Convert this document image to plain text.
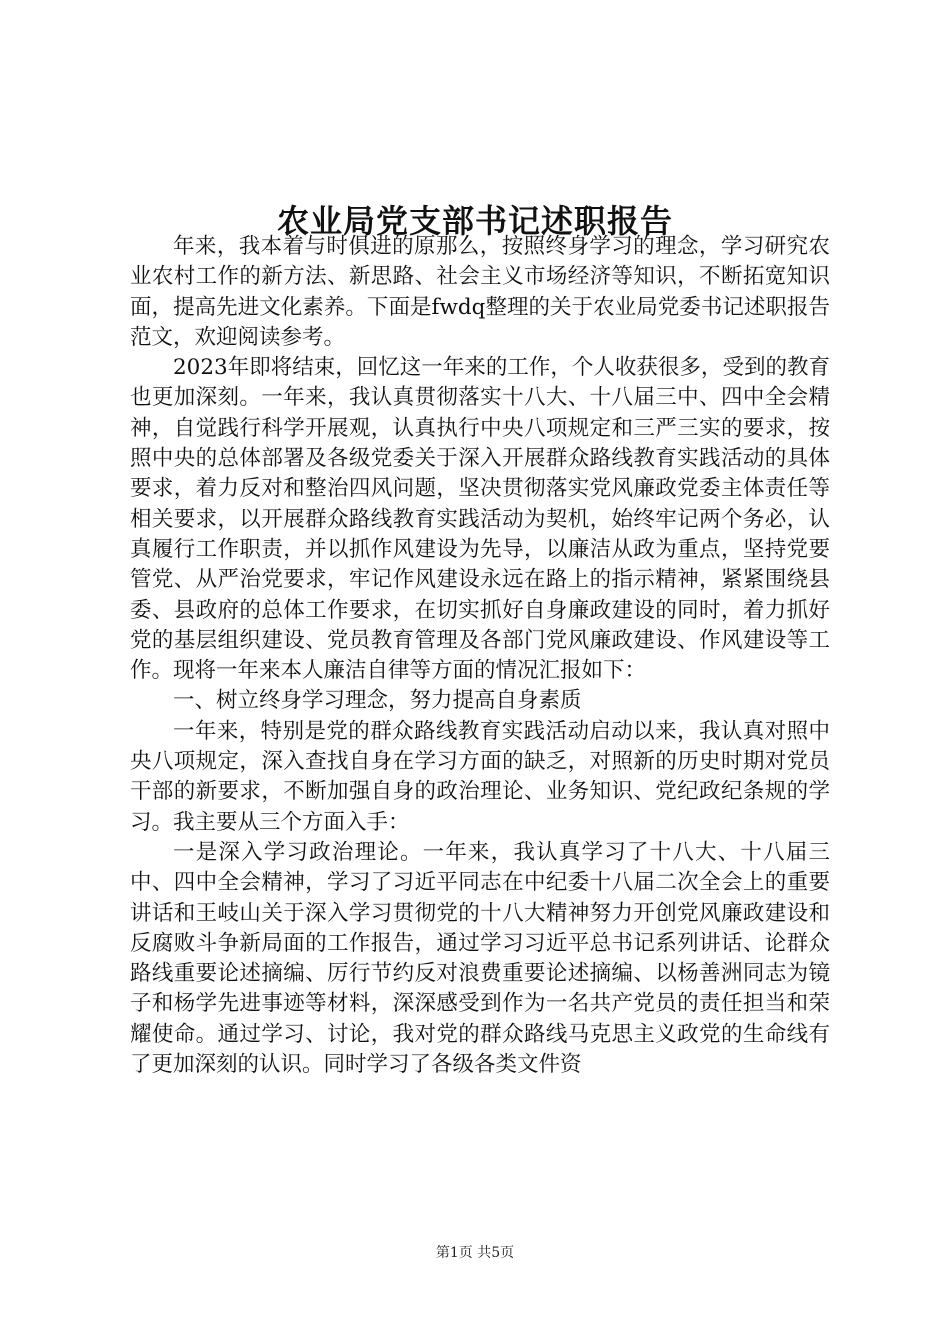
农业局党支部书记述职报告

年来，我本着与时俱进的原那么，按照终身学习的理念，学习研究农业农村工作的新方法、新思路、社会主义市场经济等知识，不断拓宽知识面，提高先进文化素养。下面是fwdq整理的关于农业局党委书记述职报告范文，欢迎阅读参考。

2023年即将结束，回忆这一年来的工作，个人收获很多，受到的教育也更加深刻。一年来，我认真贯彻落实十八大、十八届三中、四中全会精神，自觉践行科学开展观，认真执行中央八项规定和三严三实的要求，按照中央的总体部署及各级党委关于深入开展群众路线教育实践活动的具体要求，着力反对和整治四风问题，坚决贯彻落实党风廉政党委主体责任等相关要求，以开展群众路线教育实践活动为契机，始终牢记两个务必，认真履行工作职责，并以抓作风建设为先导，以廉洁从政为重点，坚持党要管党、从严治党要求，牢记作风建设永远在路上的指示精神，紧紧围绕县委、县政府的总体工作要求，在切实抓好自身廉政建设的同时，着力抓好党的基层组织建设、党员教育管理及各部门党风廉政建设、作风建设等工作。现将一年来本人廉洁自律等方面的情况汇报如下：

一、树立终身学习理念，努力提高自身素质

一年来，特别是党的群众路线教育实践活动启动以来，我认真对照中央八项规定，深入查找自身在学习方面的缺乏，对照新的历史时期对党员干部的新要求，不断加强自身的政治理论、业务知识、党纪政纪条规的学习。我主要从三个方面入手：

一是深入学习政治理论。一年来，我认真学习了十八大、十八届三中、四中全会精神，学习了习近平同志在中纪委十八届二次全会上的重要讲话和王岐山关于深入学习贯彻党的十八大精神努力开创党风廉政建设和反腐败斗争新局面的工作报告，通过学习习近平总书记系列讲话、论群众路线重要论述摘编、厉行节约反对浪费重要论述摘编、以杨善洲同志为镜子和杨学先进事迹等材料，深深感受到作为一名共产党员的责任担当和荣耀使命。通过学习、讨论，我对党的群众路线马克思主义政党的生命线有了更加深刻的认识。同时学习了各级各类文件资

第1页 共5页
